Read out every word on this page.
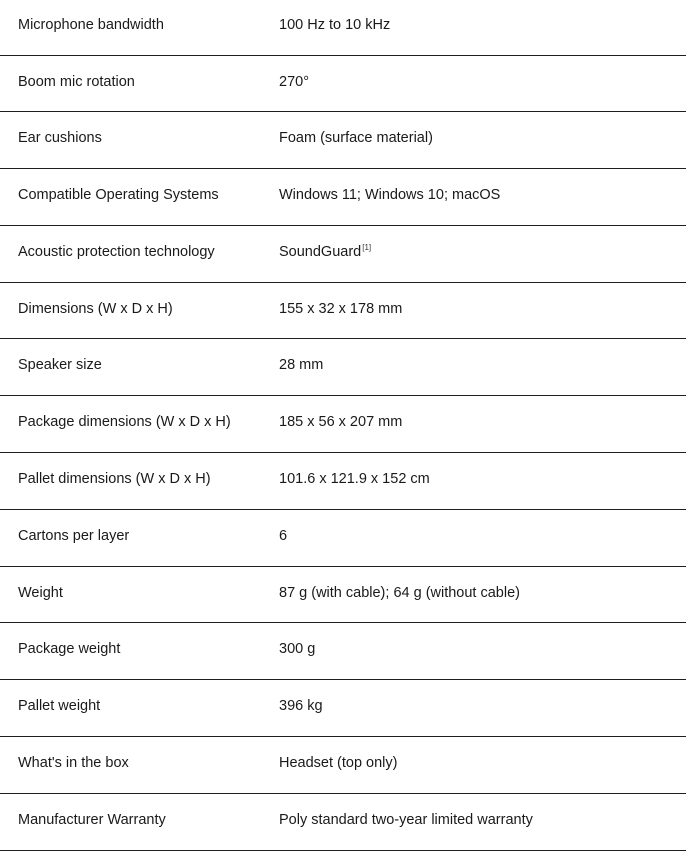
Microphone bandwidth	100 Hz to 10 kHz
Boom mic rotation	270°
Ear cushions	Foam (surface material)
Compatible Operating Systems	Windows 11; Windows 10; macOS
Acoustic protection technology	SoundGuard[1]
Dimensions (W x D x H)	155 x 32 x 178 mm
Speaker size	28 mm
Package dimensions (W x D x H)	185 x 56 x 207 mm
Pallet dimensions (W x D x H)	101.6 x 121.9 x 152 cm
Cartons per layer	6
Weight	87 g (with cable); 64 g (without cable)
Package weight	300 g
Pallet weight	396 kg
What's in the box	Headset (top only)
Manufacturer Warranty	Poly standard two-year limited warranty
